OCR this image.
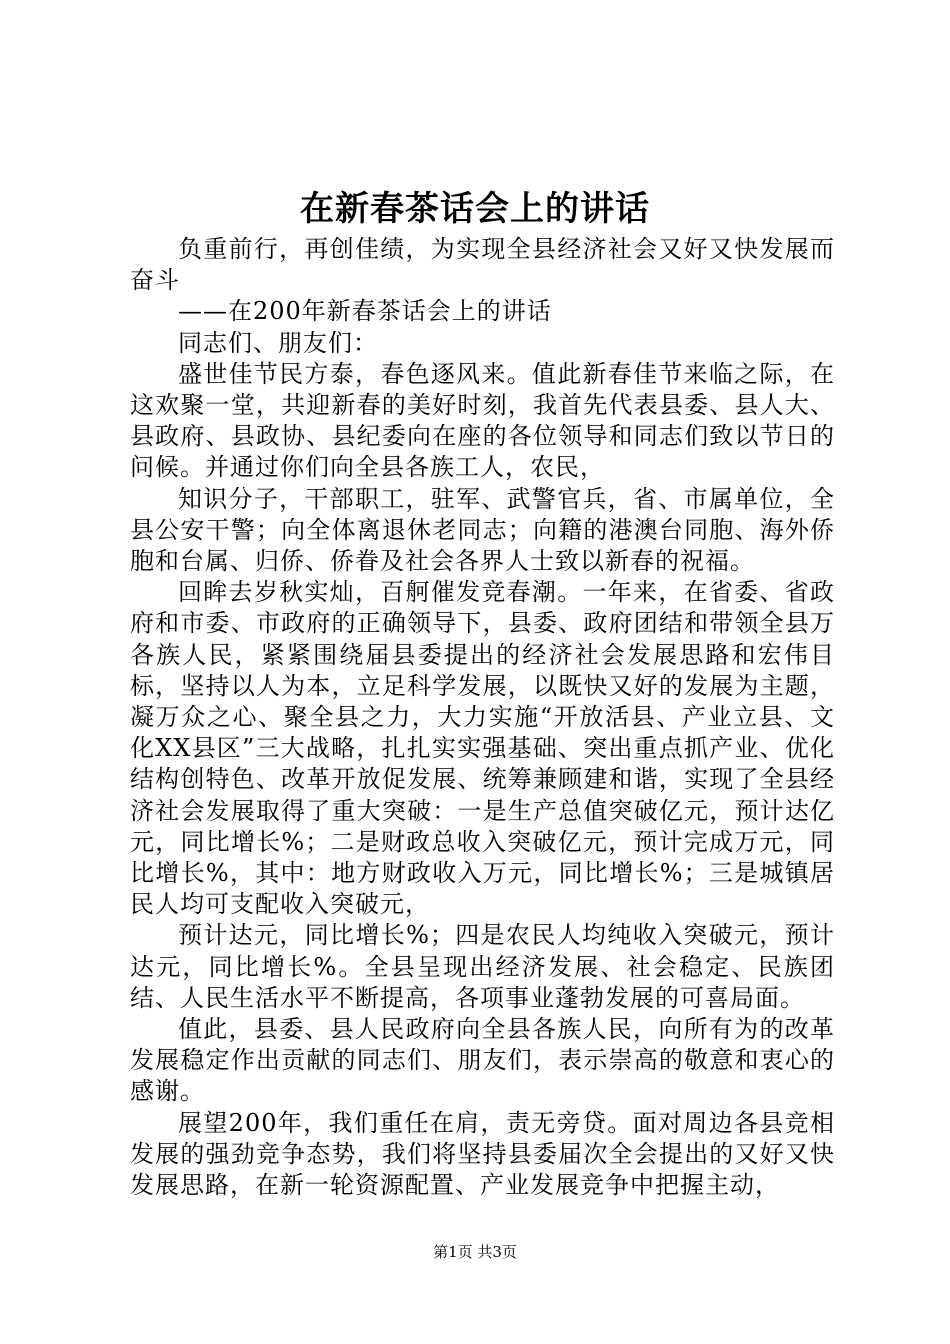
在新春茶话会上的讲话

负重前行，再创佳绩，为实现全县经济社会又好又快发展而奋斗

——在200年新春茶话会上的讲话

同志们、朋友们：

盛世佳节民方泰，春色逐风来。值此新春佳节来临之际，在这欢聚一堂，共迎新春的美好时刻，我首先代表县委、县人大、县政府、县政协、县纪委向在座的各位领导和同志们致以节日的问候。并通过你们向全县各族工人，农民，

知识分子，干部职工，驻军、武警官兵，省、市属单位，全县公安干警；向全体离退休老同志；向籍的港澳台同胞、海外侨胞和台属、归侨、侨眷及社会各界人士致以新春的祝福。

回眸去岁秋实灿，百舸催发竞春潮。一年来，在省委、省政府和市委、市政府的正确领导下，县委、政府团结和带领全县万各族人民，紧紧围绕届县委提出的经济社会发展思路和宏伟目标，坚持以人为本，立足科学发展，以既快又好的发展为主题，凝万众之心、聚全县之力，大力实施“开放活县、产业立县、文化XX县区”三大战略，扎扎实实强基础、突出重点抓产业、优化结构创特色、改革开放促发展、统筹兼顾建和谐，实现了全县经济社会发展取得了重大突破：一是生产总值突破亿元，预计达亿元，同比增长%；二是财政总收入突破亿元，预计完成万元，同比增长%，其中：地方财政收入万元，同比增长%；三是城镇居民人均可支配收入突破元，

预计达元，同比增长%；四是农民人均纯收入突破元，预计达元，同比增长%。全县呈现出经济发展、社会稳定、民族团结、人民生活水平不断提高，各项事业蓬勃发展的可喜局面。

值此，县委、县人民政府向全县各族人民，向所有为的改革发展稳定作出贡献的同志们、朋友们，表示崇高的敬意和衷心的感谢。

展望200年，我们重任在肩，责无旁贷。面对周边各县竞相发展的强劲竞争态势，我们将坚持县委届次全会提出的又好又快发展思路，在新一轮资源配置、产业发展竞争中把握主动，

第1页 共3页
